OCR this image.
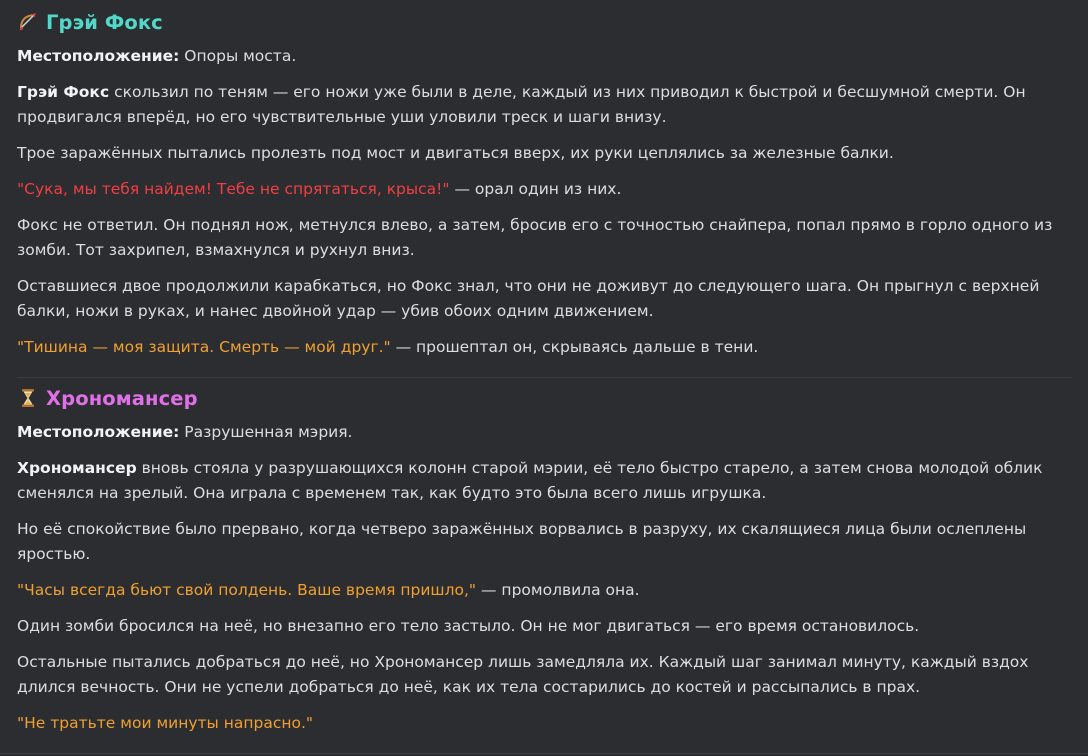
Грэй Фокс

Местоположение: Опоры моста.

Грэй Фокс скользил по теням — его ножи уже были в деле, каждый из них приводил к быстрой и бесшумной смерти. Он продвигался вперёд, но его чувствительные уши уловили треск и шаги внизу.

Трое заражённых пытались пролезть под мост и двигаться вверх, их руки цеплялись за железные балки.

"Сука, мы тебя найдем! Тебе не спрятаться, крыса!" — орал один из них.

Фокс не ответил. Он поднял нож, метнулся влево, а затем, бросив его с точностью снайпера, попал прямо в горло одного из зомби. Тот захрипел, взмахнулся и рухнул вниз.

Оставшиеся двое продолжили карабкаться, но Фокс знал, что они не доживут до следующего шага. Он прыгнул с верхней балки, ножи в руках, и нанес двойной удар — убив обоих одним движением.

"Тишина — моя защита. Смерть — мой друг." — прошептал он, скрываясь дальше в тени.

Хрономансер

Местоположение: Разрушенная мэрия.

Хрономансер вновь стояла у разрушающихся колонн старой мэрии, её тело быстро старело, а затем снова молодой облик сменялся на зрелый. Она играла с временем так, как будто это была всего лишь игрушка.

Но её спокойствие было прервано, когда четверо заражённых ворвались в разруху, их скалящиеся лица были ослеплены яростью.

"Часы всегда бьют свой полдень. Ваше время пришло," — промолвила она.

Один зомби бросился на неё, но внезапно его тело застыло. Он не мог двигаться — его время остановилось.

Остальные пытались добраться до неё, но Хрономансер лишь замедляла их. Каждый шаг занимал минуту, каждый вздох длился вечность. Они не успели добраться до неё, как их тела состарились до костей и рассыпались в прах.

"Не тратьте мои минуты напрасно."
